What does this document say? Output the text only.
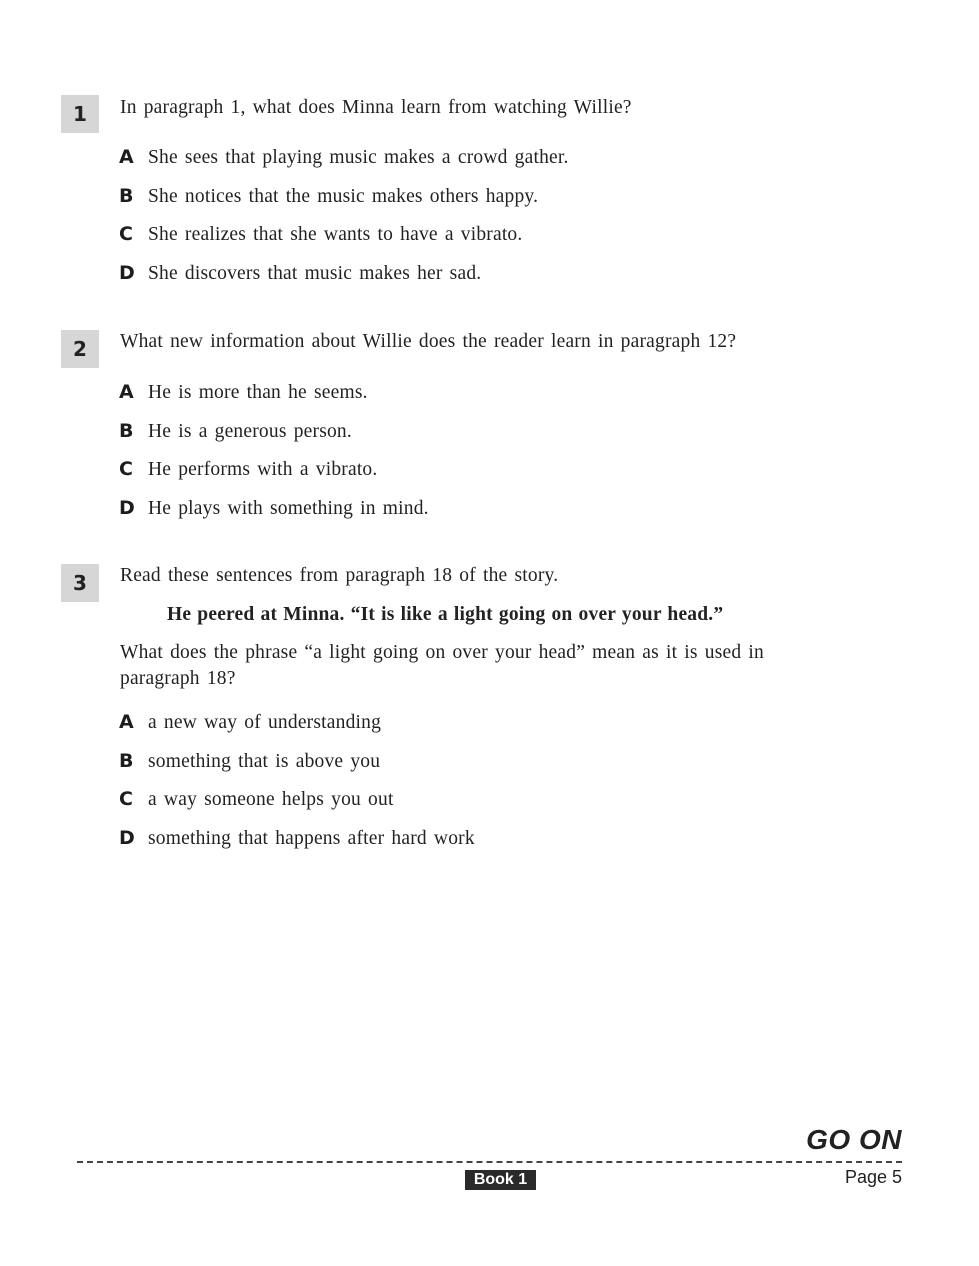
1	In paragraph 1, what does Minna learn from watching Willie?
A She sees that playing music makes a crowd gather.
B She notices that the music makes others happy.
C She realizes that she wants to have a vibrato.
D She discovers that music makes her sad.
2	What new information about Willie does the reader learn in paragraph 12?
A He is more than he seems.
B He is a generous person.
C He performs with a vibrato.
D He plays with something in mind.
3	Read these sentences from paragraph 18 of the story.
He peered at Minna. “It is like a light going on over your head.”
What does the phrase “a light going on over your head” mean as it is used in paragraph 18?
A a new way of understanding
B something that is above you
C a way someone helps you out
D something that happens after hard work
GO ON
Book 1	Page 5
